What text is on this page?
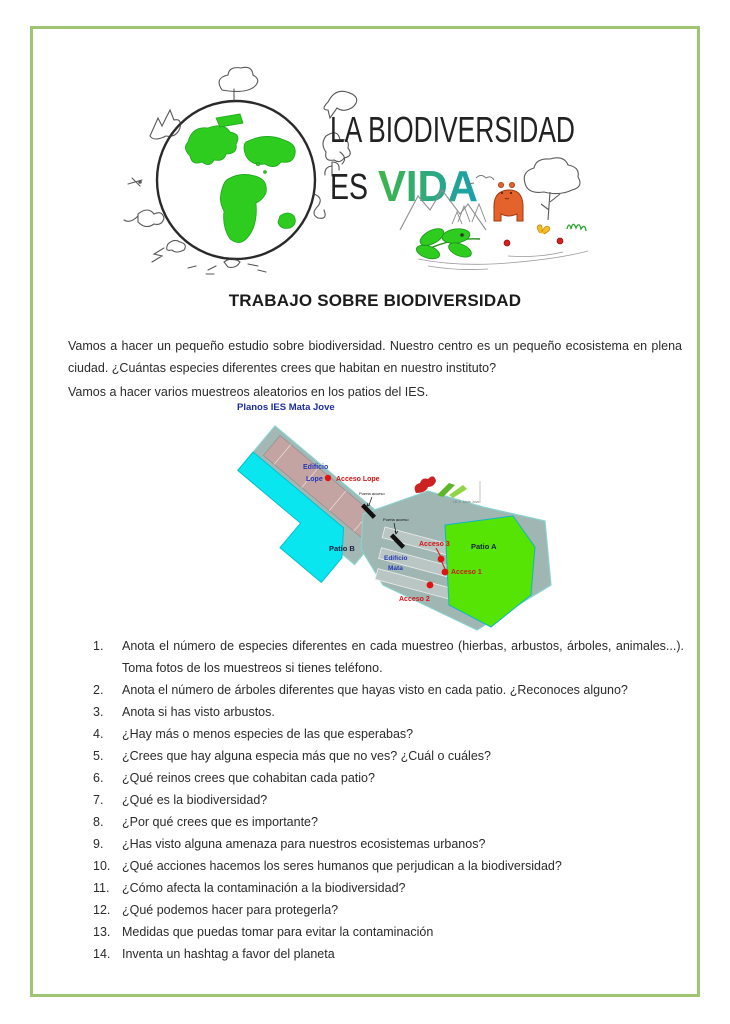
LA BIODIVERSIDAD
ES VIDA
TRABAJO SOBRE BIODIVERSIDAD

Vamos a hacer un pequeño estudio sobre biodiversidad. Nuestro centro es un pequeño ecosistema en plena ciudad. ¿Cuántas especies diferentes crees que habitan en nuestro instituto?

Vamos a hacer varios muestreos aleatorios en los patios del IES.

Planos IES Mata Jove
Edificio
Lope Acceso Lope
Patio B	Patio A
Edificio
Mata
Acceso 3
Acceso 1
Acceso 2
Puerta acceso
Puerta acceso
I.E.S. Mata Jove
1.	Anota el número de especies diferentes en cada muestreo (hierbas, arbustos, árboles, animales...). Toma fotos de los muestreos si tienes teléfono.
2.	Anota el número de árboles diferentes que hayas visto en cada patio. ¿Reconoces alguno?
3.	Anota si has visto arbustos.
4.	¿Hay más o menos especies de las que esperabas?
5.	¿Crees que hay alguna especia más que no ves? ¿Cuál o cuáles?
6.	¿Qué reinos crees que cohabitan cada patio?
7.	¿Qué es la biodiversidad?
8.	¿Por qué crees que es importante?
9.	¿Has visto alguna amenaza para nuestros ecosistemas urbanos?
10. ¿Qué acciones hacemos los seres humanos que perjudican a la biodiversidad?
11.	¿Cómo afecta la contaminación a la biodiversidad?
12. ¿Qué podemos hacer para protegerla?
13. Medidas que puedas tomar para evitar la contaminación
14. Inventa un hashtag a favor del planeta
